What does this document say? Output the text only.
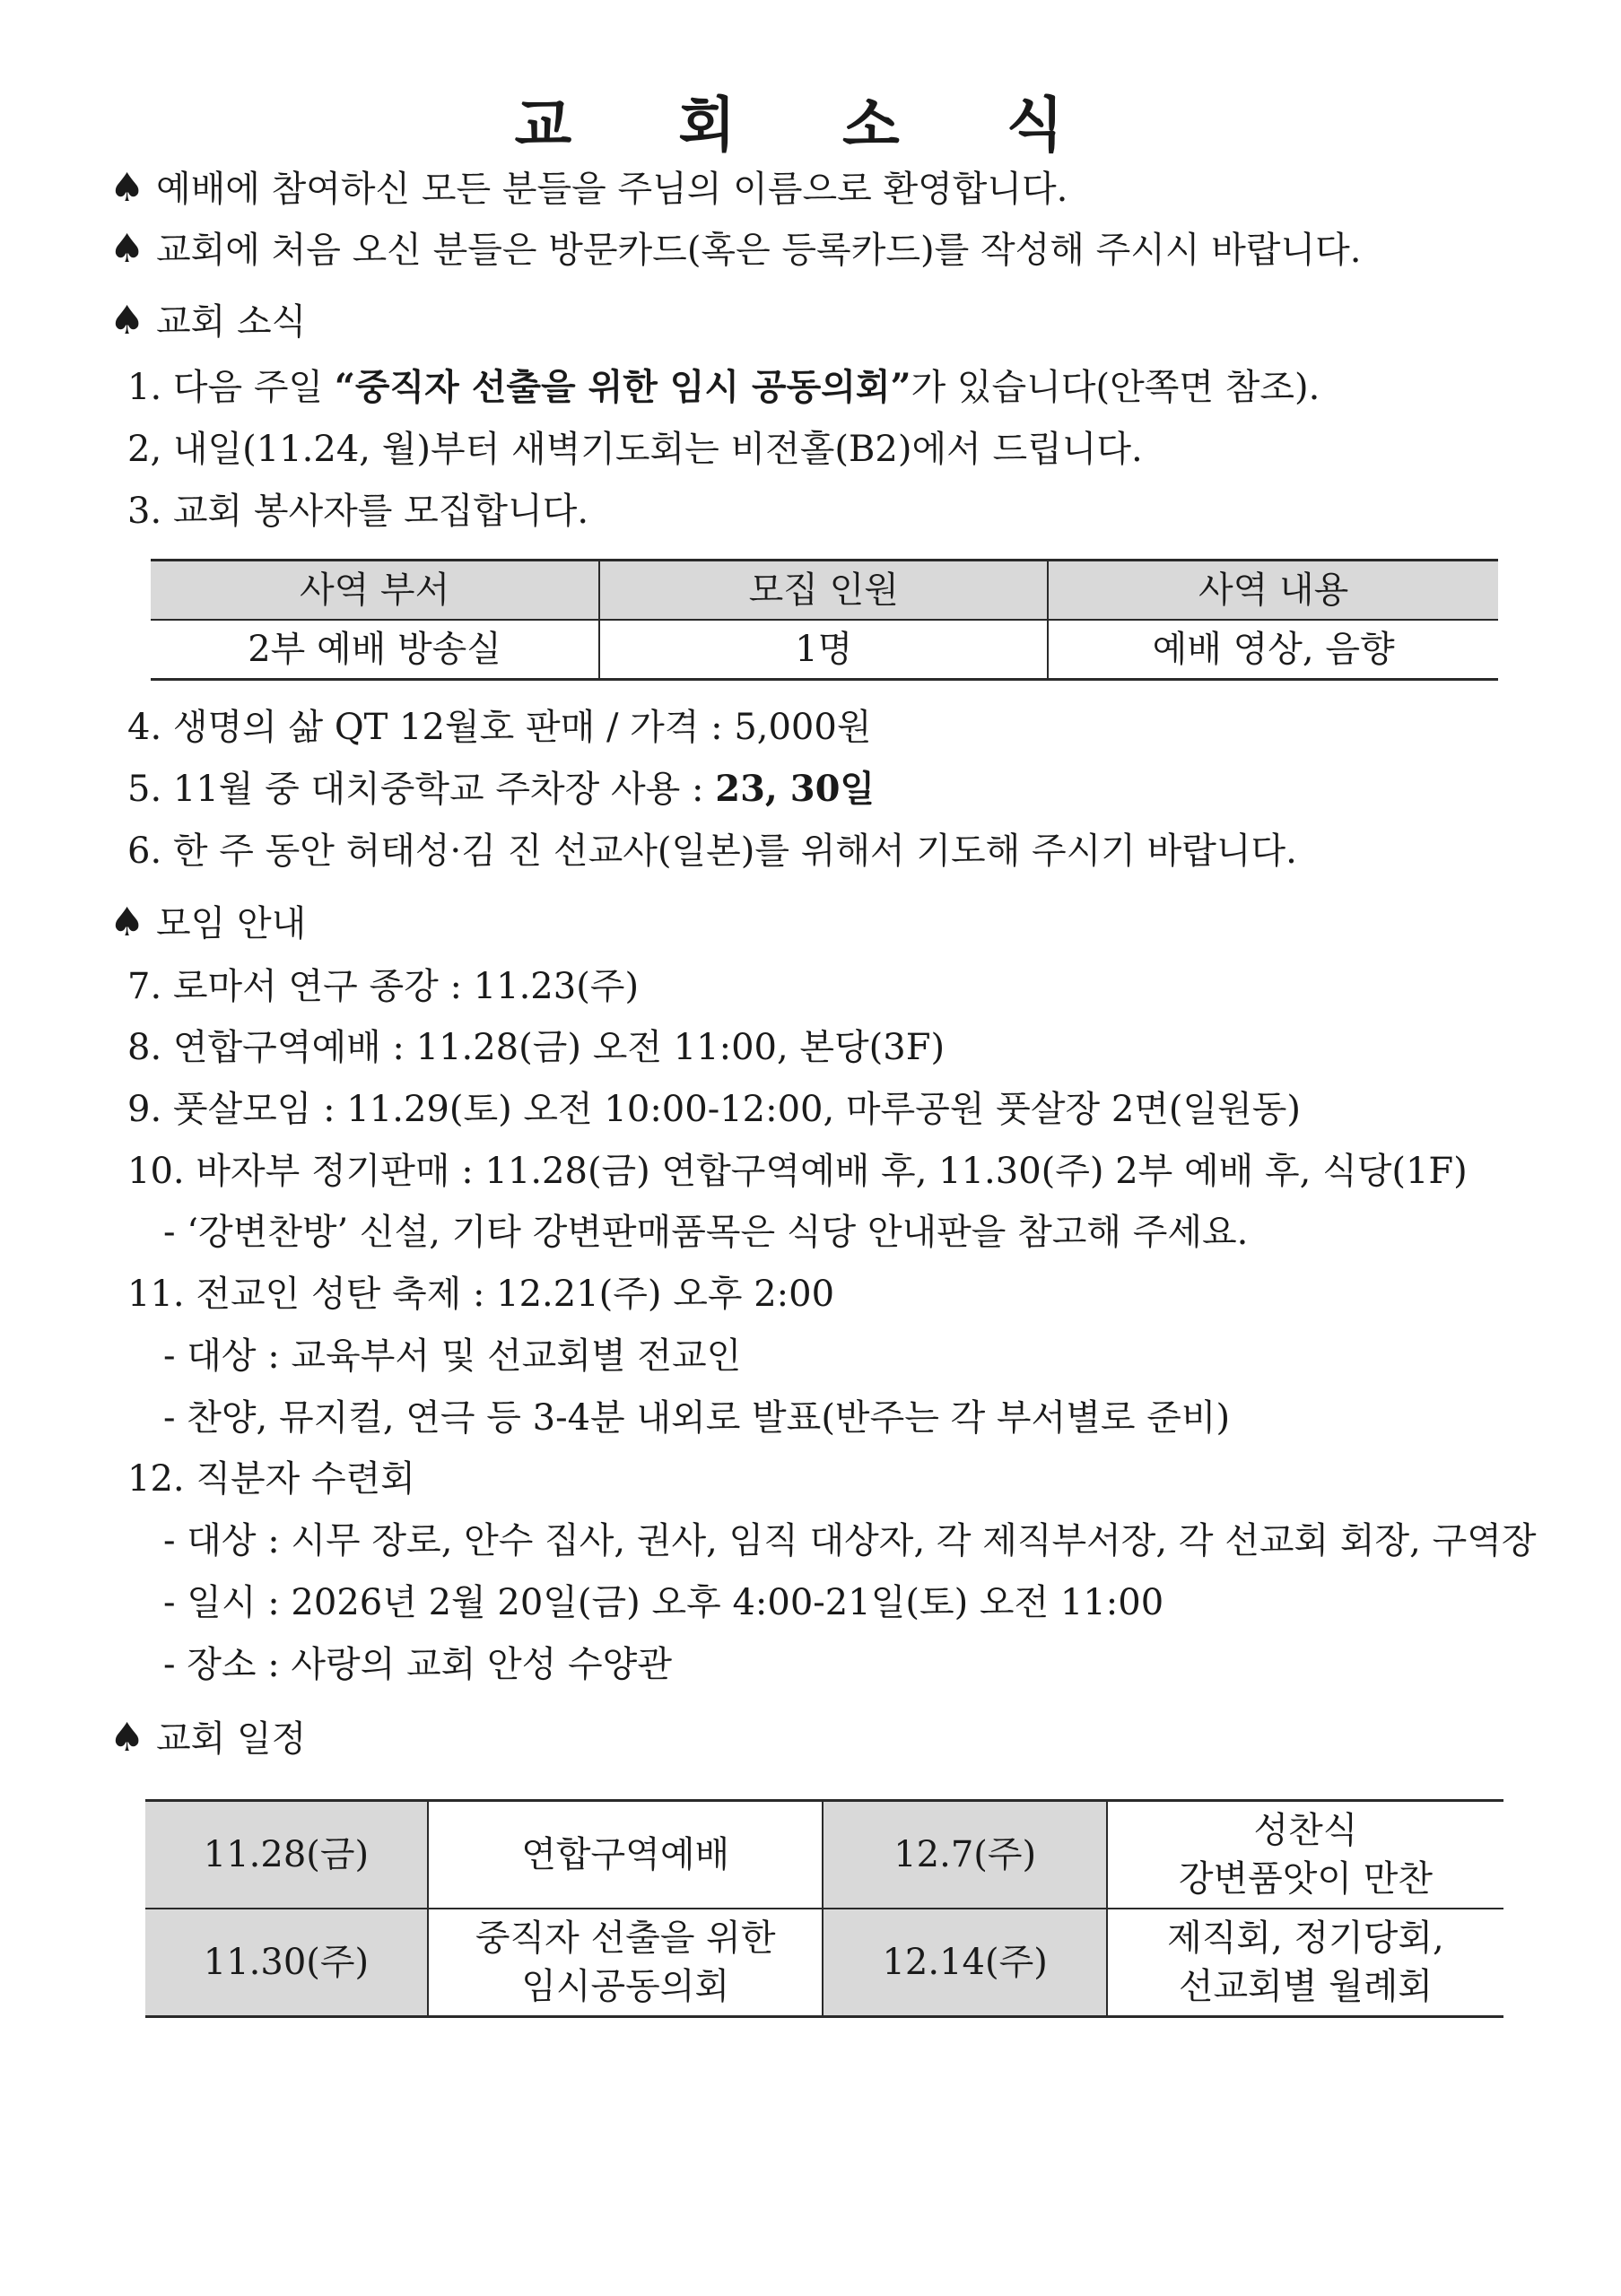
교 회 소 식
♠ 예배에 참여하신 모든 분들을 주님의 이름으로 환영합니다.
♠ 교회에 처음 오신 분들은 방문카드(혹은 등록카드)를 작성해 주시시 바랍니다.
♠ 교회 소식
1. 다음 주일 “중직자 선출을 위한 임시 공동의회”가 있습니다(안쪽면 참조).
2, 내일(11.24, 월)부터 새벽기도회는 비전홀(B2)에서 드립니다.
3. 교회 봉사자를 모집합니다.
사역 부서	모집 인원	사역 내용
2부 예배 방송실	1명	예배 영상, 음향
4. 생명의 삶 QT 12월호 판매 / 가격 : 5,000원
5. 11월 중 대치중학교 주차장 사용 : 23, 30일
6. 한 주 동안 허태성·김 진 선교사(일본)를 위해서 기도해 주시기 바랍니다.
♠ 모임 안내
7. 로마서 연구 종강 : 11.23(주)
8. 연합구역예배 : 11.28(금) 오전 11:00, 본당(3F)
9. 풋살모임 : 11.29(토) 오전 10:00-12:00, 마루공원 풋살장 2면(일원동)
10. 바자부 정기판매 : 11.28(금) 연합구역예배 후, 11.30(주) 2부 예배 후, 식당(1F)
- ‘강변찬방’ 신설, 기타 강변판매품목은 식당 안내판을 참고해 주세요.
11. 전교인 성탄 축제 : 12.21(주) 오후 2:00
- 대상 : 교육부서 및 선교회별 전교인
- 찬양, 뮤지컬, 연극 등 3-4분 내외로 발표(반주는 각 부서별로 준비)
12. 직분자 수련회
- 대상 : 시무 장로, 안수 집사, 권사, 임직 대상자, 각 제직부서장, 각 선교회 회장, 구역장
- 일시 : 2026년 2월 20일(금) 오후 4:00-21일(토) 오전 11:00
- 장소 : 사랑의 교회 안성 수양관
♠ 교회 일정
11.28(금)	연합구역예배	12.7(주)	성찬식
강변품앗이 만찬

11.30(주)	중직자 선출을 위한
임시공동의회	12.14(주)	제직회, 정기당회,
선교회별 월례회
